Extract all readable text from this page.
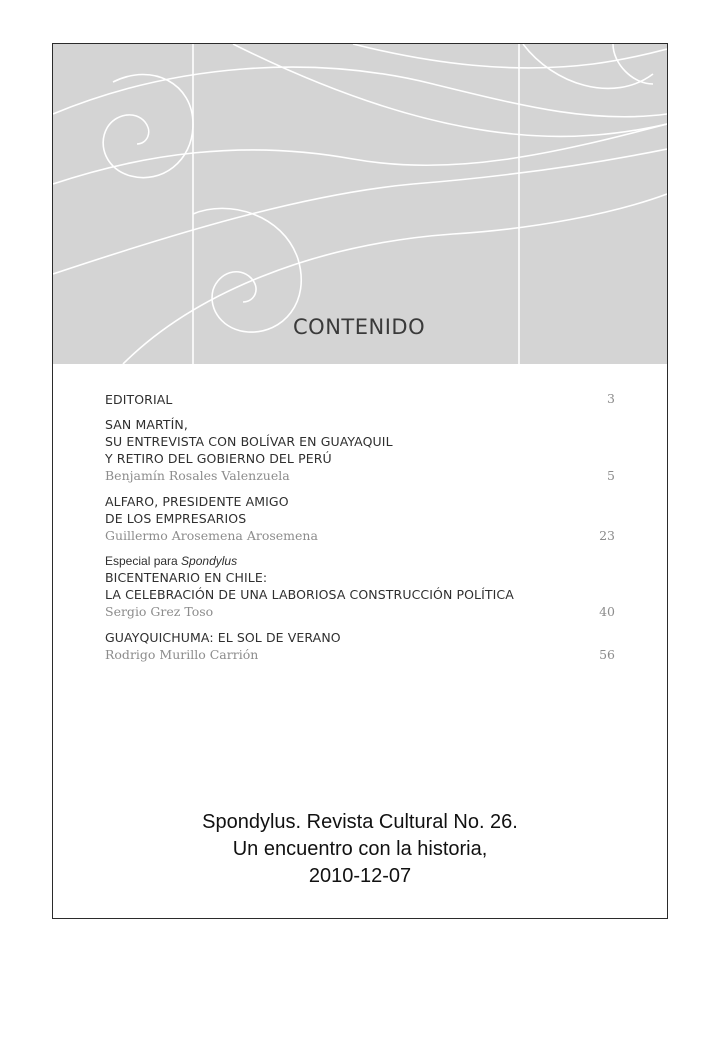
CONTENIDO
EDITORIAL	3
SAN MARTÍN,
SU ENTREVISTA CON BOLÍVAR EN GUAYAQUIL
Y RETIRO DEL GOBIERNO DEL PERÚ
Benjamín Rosales Valenzuela	5
ALFARO, PRESIDENTE AMIGO
DE LOS EMPRESARIOS
Guillermo Arosemena Arosemena	23
Especial para Spondylus
BICENTENARIO EN CHILE:
LA CELEBRACIÓN DE UNA LABORIOSA CONSTRUCCIÓN POLÍTICA
Sergio Grez Toso	40
GUAYQUICHUMA: EL SOL DE VERANO
Rodrigo Murillo Carrión	56
Spondylus. Revista Cultural No. 26.
Un encuentro con la historia,
2010-12-07
